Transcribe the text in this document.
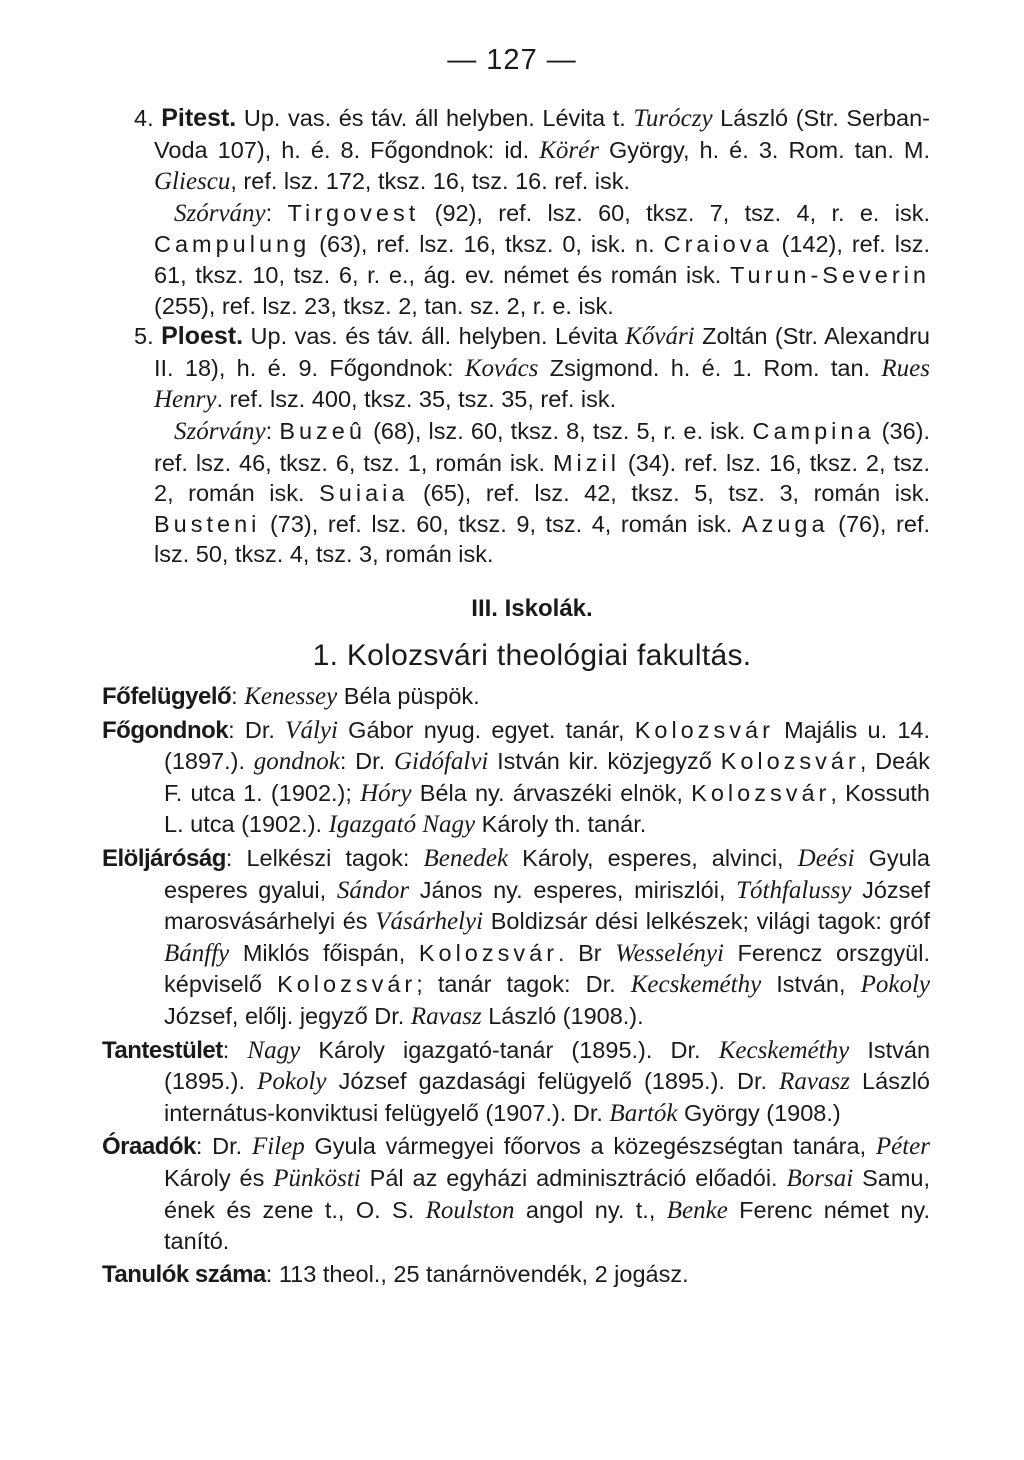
— 127 —
4. Pitest. Up. vas. és táv. áll helyben. Lévita t. Turóczy László (Str. Serban-Voda 107), h. é. 8. Főgondnok: id. Körér György, h. é. 3. Rom. tan. M. Gliescu, ref. lsz. 172, tksz. 16, tsz. 16. ref. isk.
Szórvány: Tirgovest (92), ref. lsz. 60, tksz. 7, tsz. 4, r. e. isk. Campulung (63), ref. lsz. 16, tksz. 0, isk. n. Craiova (142), ref. lsz. 61, tksz. 10, tsz. 6, r. e., ág. ev. német és román isk. Turun-Severin (255), ref. lsz. 23, tksz. 2, tan. sz. 2, r. e. isk.
5. Ploest. Up. vas. és táv. áll. helyben. Lévita Kővári Zoltán (Str. Alexandru II. 18), h. é. 9. Főgondnok: Kovács Zsigmond. h. é. 1. Rom. tan. Rues Henry. ref. lsz. 400, tksz. 35, tsz. 35, ref. isk.
Szórvány: Buzeû (68), lsz. 60, tksz. 8, tsz. 5, r. e. isk. Campina (36). ref. lsz. 46, tksz. 6, tsz. 1, román isk. Mizil (34). ref. lsz. 16, tksz. 2, tsz. 2, román isk. Suiaia (65), ref. lsz. 42, tksz. 5, tsz. 3, román isk. Busteni (73), ref. lsz. 60, tksz. 9, tsz. 4, román isk. Azuga (76), ref. lsz. 50, tksz. 4, tsz. 3, román isk.
III. Iskolák.
1. Kolozsvári theológiai fakultás.
Főfelügyelő: Kenessey Béla püspök.
Főgondnok: Dr. Vályi Gábor nyug. egyet. tanár, Kolozsvár Majális u. 14. (1897.). gondnok: Dr. Gidófalvi István kir. közjegyző Kolozsvár, Deák F. utca 1. (1902.); Hóry Béla ny. árvaszéki elnök, Kolozsvár, Kossuth L. utca (1902.). Igazgató Nagy Károly th. tanár.
Elöljáróság: Lelkészi tagok: Benedek Károly, esperes, alvinci, Deési Gyula esperes gyalui, Sándor János ny. esperes, miriszlói, Tóthfalussy József marosvásárhelyi és Vásárhelyi Boldizsár dési lelkészek; világi tagok: gróf Bánffy Miklós főispán, Kolozsvár. Br Wesselényi Ferencz orszgyül. képviselő Kolozsvár; tanár tagok: Dr. Kecskeméthy István, Pokoly József, előlj. jegyző Dr. Ravasz László (1908.).
Tantestület: Nagy Károly igazgató-tanár (1895.). Dr. Kecskeméthy István (1895.). Pokoly József gazdasági felügyelő (1895.). Dr. Ravasz László internátus-konviktusi felügyelő (1907.). Dr. Bartók György (1908.)
Óraadók: Dr. Filep Gyula vármegyei főorvos a közegészségtan tanára, Péter Károly és Pünkösti Pál az egyházi adminisztráció előadói. Borsai Samu, ének és zene t., O. S. Roulston angol ny. t., Benke Ferenc német ny. tanító.
Tanulók száma: 113 theol., 25 tanárnövendék, 2 jogász.
